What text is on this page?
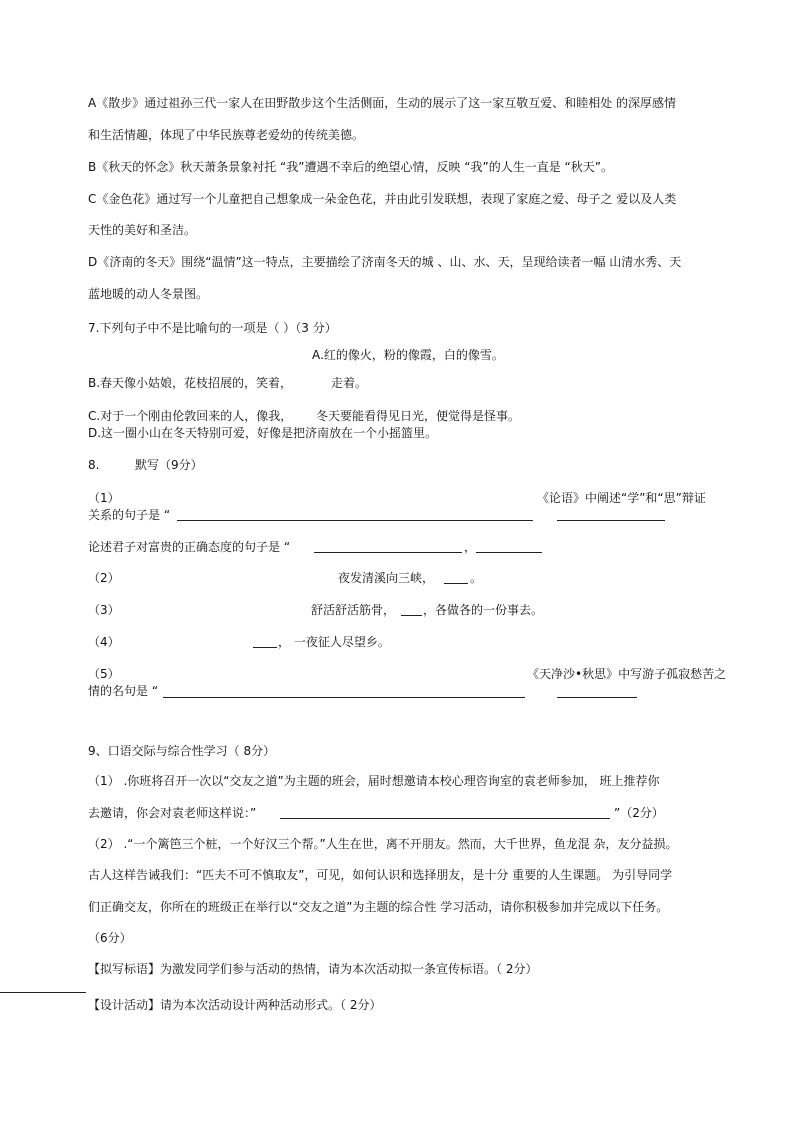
A《散步》通过祖孙三代一家人在田野散步这个生活侧面，生动的展示了这一家互敬互爱、和睦相处 的深厚感情
和生活情趣，体现了中华民族尊老爱幼的传统美德。
B《秋天的怀念》秋天萧条景象衬托 “我”遭遇不幸后的绝望心情，反映 “我”的人生一直是 “秋天”。
C《金色花》通过写一个儿童把自己想象成一朵金色花，并由此引发联想，表现了家庭之爱、母子之 爱以及人类
天性的美好和圣洁。
D《济南的冬天》围绕“温情”这一特点，主要描绘了济南冬天的城 、山、水、天，呈现给读者一幅 山清水秀、天
蓝地暖的动人冬景图。
7.下列句子中不是比喻句的一项是（ ）（3 分）
A.红的像火，粉的像霞，白的像雪。
B.春天像小姑娘，花枝招展的，笑着，	走着。
C.对于一个刚由伦敦回来的人，像我， 冬天要能看得见日光，便觉得是怪事。
D.这一圈小山在冬天特别可爱，好像是把济南放在一个小摇篮里。
8.	默写（9分）
（1）	《论语》中阐述“学”和“思”辩证
关系的句子是 “
论述君子对富贵的正确态度的句子是 “	，
（2）	夜发清溪向三峡，	。
（3）	舒活舒活筋骨， ，各做各的一份事去。
（4）	， 一夜征人尽望乡。
（5）	《天净沙•秋思》中写游子孤寂愁苦之
情的名句是 “
9、口语交际与综合性学习（ 8分）
（1） .你班将召开一次以“交友之道”为主题的班会，届时想邀请本校心理咨询室的袁老师参加， 班上推荐你
去邀请，你会对袁老师这样说：”	”（2分）
（2） .“一个篱笆三个桩，一个好汉三个帮。”人生在世，离不开朋友。然而，大千世界，鱼龙混 杂，友分益损。
古人这样告诫我们：“匹夫不可不慎取友”，可见，如何认识和选择朋友，是十分 重要的人生课题。 为引导同学
们正确交友，你所在的班级正在举行以“交友之道”为主题的综合性 学习活动，请你积极参加并完成以下任务。
（6分）
【拟写标语】为激发同学们参与活动的热情，请为本次活动拟一条宣传标语。（ 2分）
【设计活动】请为本次活动设计两种活动形式。（ 2分）
